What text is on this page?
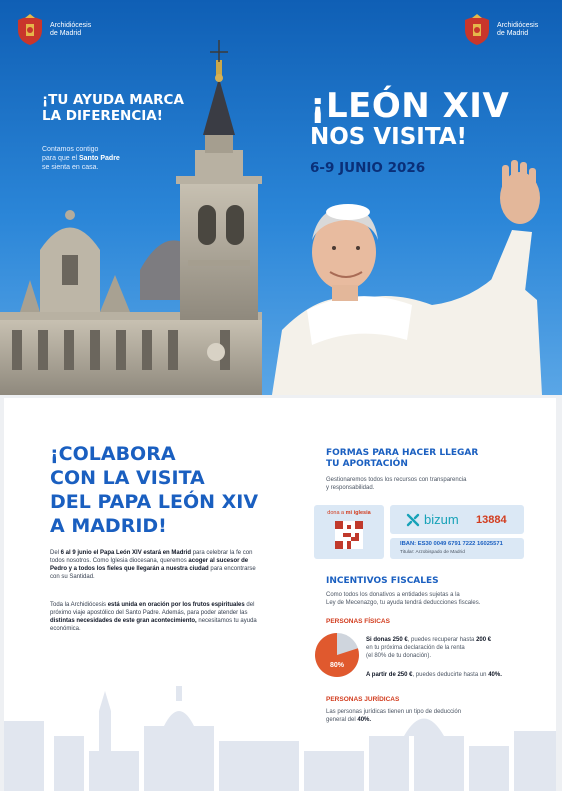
Archidiócesis
de Madrid
Archidiócesis
de Madrid
¡TU AYUDA MARCA
LA DIFERENCIA!
Contamos contigo
para que el Santo Padre
se sienta en casa.
¡LEÓN XIV
NOS VISITA!
6-9 JUNIO 2026
¡COLABORA
CON LA VISITA
DEL PAPA LEÓN XIV
A MADRID!
Del 6 al 9 junio el Papa León XIV estará en Madrid para celebrar la fe con todos nosotros. Como Iglesia diocesana, queremos acoger al sucesor de Pedro y a todos los fieles que llegarán a nuestra ciudad para encontrarse con su Santidad.
Toda la Archidiócesis está unida en oración por los frutos espirituales del próximo viaje apostólico del Santo Padre. Además, para poder atender las distintas necesidades de este gran acontecimiento, necesitamos tu ayuda económica.
FORMAS PARA HACER LLEGAR
TU APORTACIÓN
Gestionaremos todos los recursos con transparencia
y responsabilidad.
dona a mi iglesia	bizum 13884
IBAN: ES30 0049 6791 7222 16025571
Titular: Arzobispado de Madrid
INCENTIVOS FISCALES
Como todos los donativos a entidades sujetas a la
Ley de Mecenazgo, tu ayuda tendrá deducciones fiscales.
PERSONAS FÍSICAS
80%
Si donas 250 €, puedes recuperar hasta 200 €
en tu próxima declaración de la renta
(el 80% de tu donación).
A partir de 250 €, puedes deducirte hasta un 40%.
PERSONAS JURÍDICAS
Las personas jurídicas tienen un tipo de deducción
general del 40%.
